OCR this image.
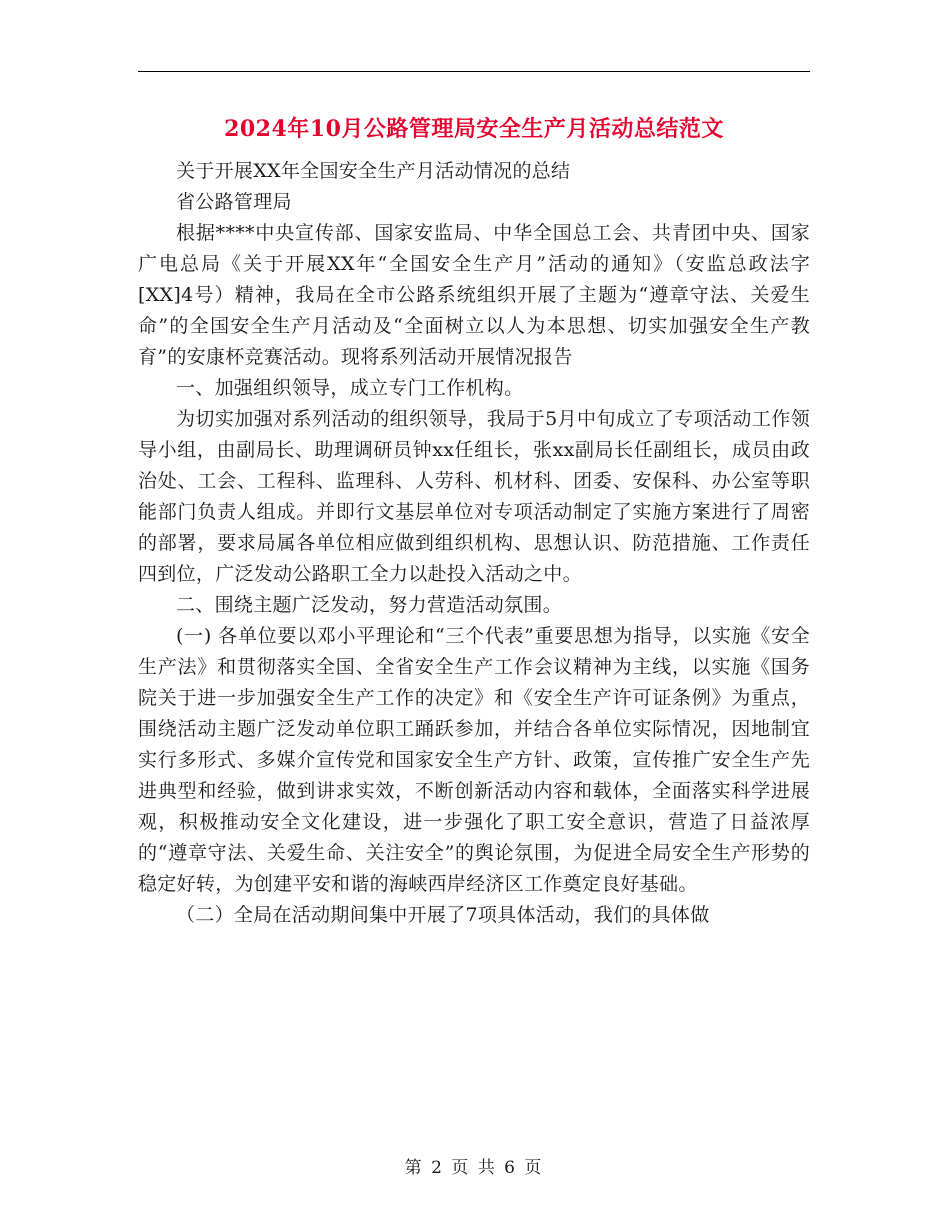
2024年10月公路管理局安全生产月活动总结范文

关于开展XX年全国安全生产月活动情况的总结

省公路管理局

根据****中央宣传部、国家安监局、中华全国总工会、共青团中央、国家广电总局《关于开展XX年“全国安全生产月”活动的通知》（安监总政法字[XX]4号）精神，我局在全市公路系统组织开展了主题为“遵章守法、关爱生命”的全国安全生产月活动及“全面树立以人为本思想、切实加强安全生产教育”的安康杯竞赛活动。现将系列活动开展情况报告

一、加强组织领导，成立专门工作机构。

为切实加强对系列活动的组织领导，我局于5月中旬成立了专项活动工作领导小组，由副局长、助理调研员钟xx任组长，张xx副局长任副组长，成员由政治处、工会、工程科、监理科、人劳科、机材科、团委、安保科、办公室等职能部门负责人组成。并即行文基层单位对专项活动制定了实施方案进行了周密的部署，要求局属各单位相应做到组织机构、思想认识、防范措施、工作责任四到位，广泛发动公路职工全力以赴投入活动之中。

二、围绕主题广泛发动，努力营造活动氛围。

(一) 各单位要以邓小平理论和“三个代表”重要思想为指导，以实施《安全生产法》和贯彻落实全国、全省安全生产工作会议精神为主线，以实施《国务院关于进一步加强安全生产工作的决定》和《安全生产许可证条例》为重点，围绕活动主题广泛发动单位职工踊跃参加，并结合各单位实际情况，因地制宜实行多形式、多媒介宣传党和国家安全生产方针、政策，宣传推广安全生产先进典型和经验，做到讲求实效，不断创新活动内容和载体，全面落实科学进展观，积极推动安全文化建设，进一步强化了职工安全意识，营造了日益浓厚的“遵章守法、关爱生命、关注安全”的舆论氛围，为促进全局安全生产形势的稳定好转，为创建平安和谐的海峡西岸经济区工作奠定良好基础。

（二）全局在活动期间集中开展了7项具体活动，我们的具体做

第 2 页 共 6 页
